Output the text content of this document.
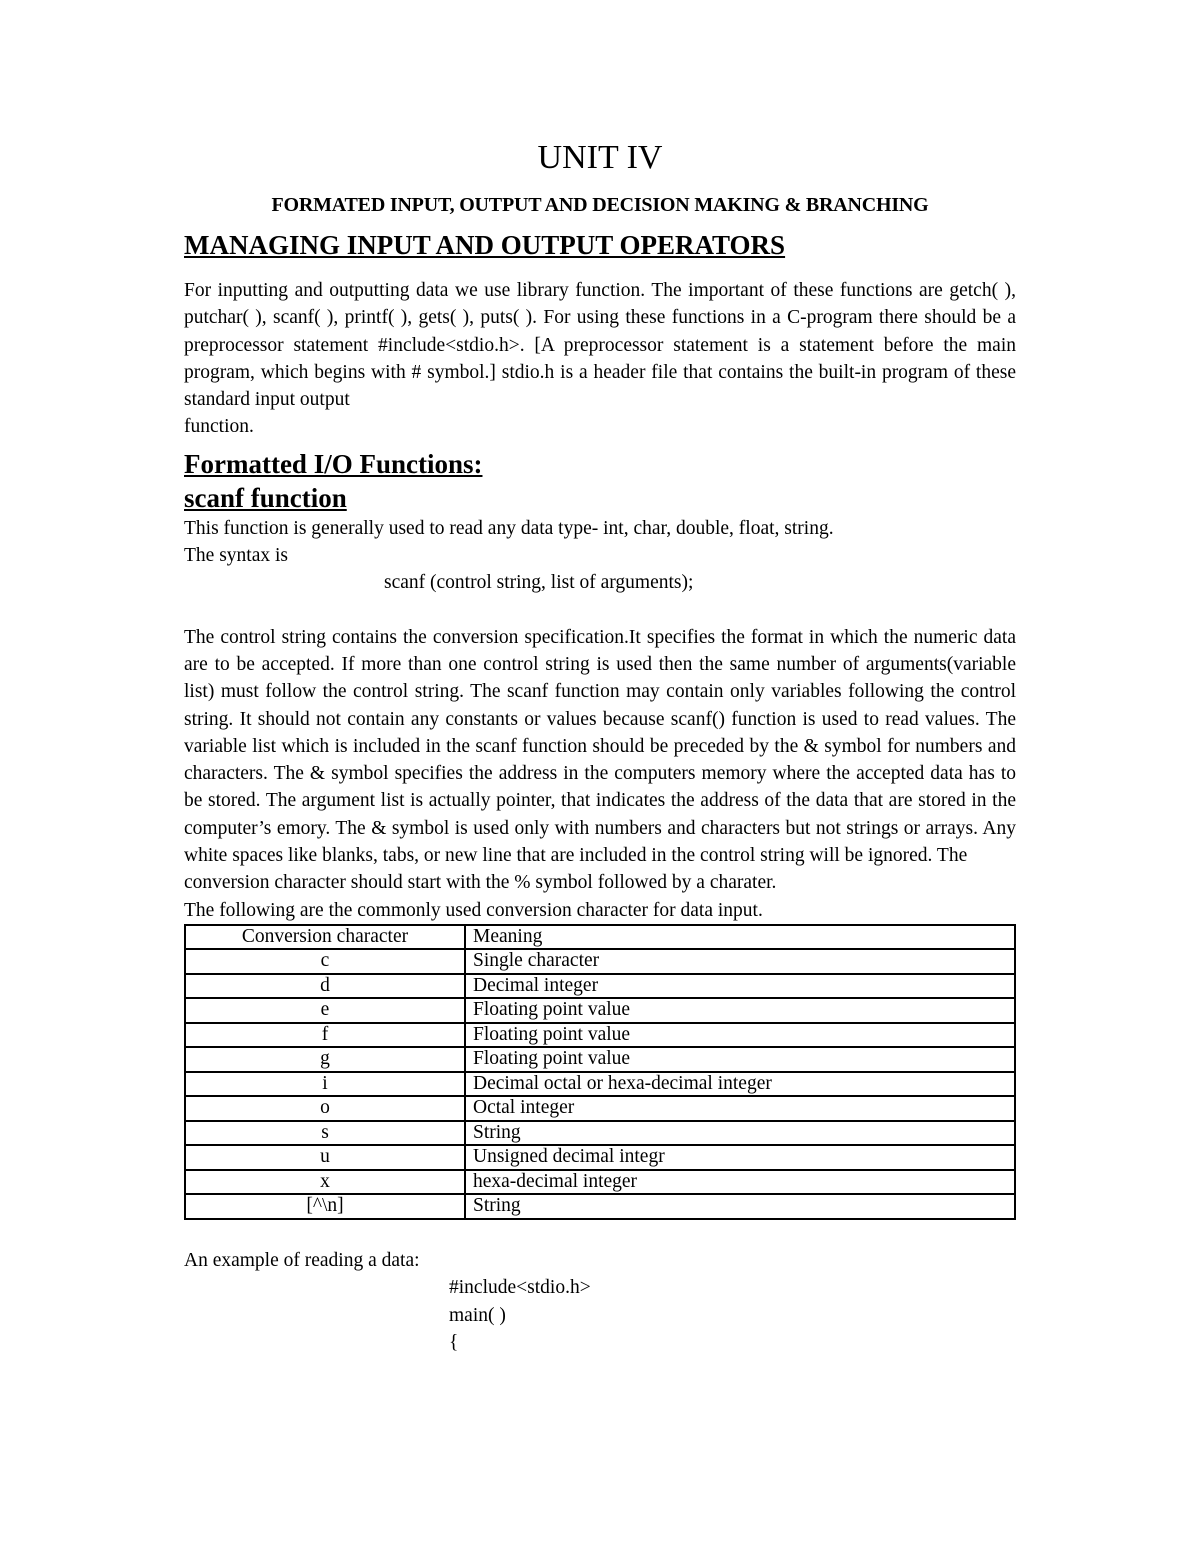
UNIT IV
FORMATED INPUT, OUTPUT AND DECISION MAKING & BRANCHING
MANAGING INPUT AND OUTPUT OPERATORS

For inputting and outputting data we use library function. The important of these functions are getch( ), putchar( ), scanf( ), printf( ), gets( ), puts( ). For using these functions in a C-program there should be a preprocessor statement #include<stdio.h>. [A preprocessor statement is a statement before the main program, which begins with # symbol.] stdio.h is a header file that contains the built-in program of these standard input output

function.

Formatted I/O Functions:
scanf function

This function is generally used to read any data type- int, char, double, float, string.

The syntax is

scanf (control string, list of arguments);

The control string contains the conversion specification.It specifies the format in which the numeric data are to be accepted. If more than one control string is used then the same number of arguments(variable list) must follow the control string. The scanf function may contain only variables following the control string. It should not contain any constants or values because scanf() function is used to read values. The variable list which is included in the scanf function should be preceded by the & symbol for numbers and characters. The & symbol specifies the address in the computers memory where the accepted data has to be stored. The argument list is actually pointer, that indicates the address of the data that are stored in the computer’s emory. The & symbol is used only with numbers and characters but not strings or arrays. Any white spaces like blanks, tabs, or new line that are included in the control string will be ignored. The

conversion character should start with the % symbol followed by a charater.

The following are the commonly used conversion character for data input.

Conversion character	Meaning
c	Single character
d	Decimal integer
e	Floating point value
f	Floating point value
g	Floating point value
i	Decimal octal or hexa-decimal integer
o	Octal integer
s	String
u	Unsigned decimal integr
x	hexa-decimal integer
[^\n]	String

An example of reading a data:

#include<stdio.h>

main( )

{
